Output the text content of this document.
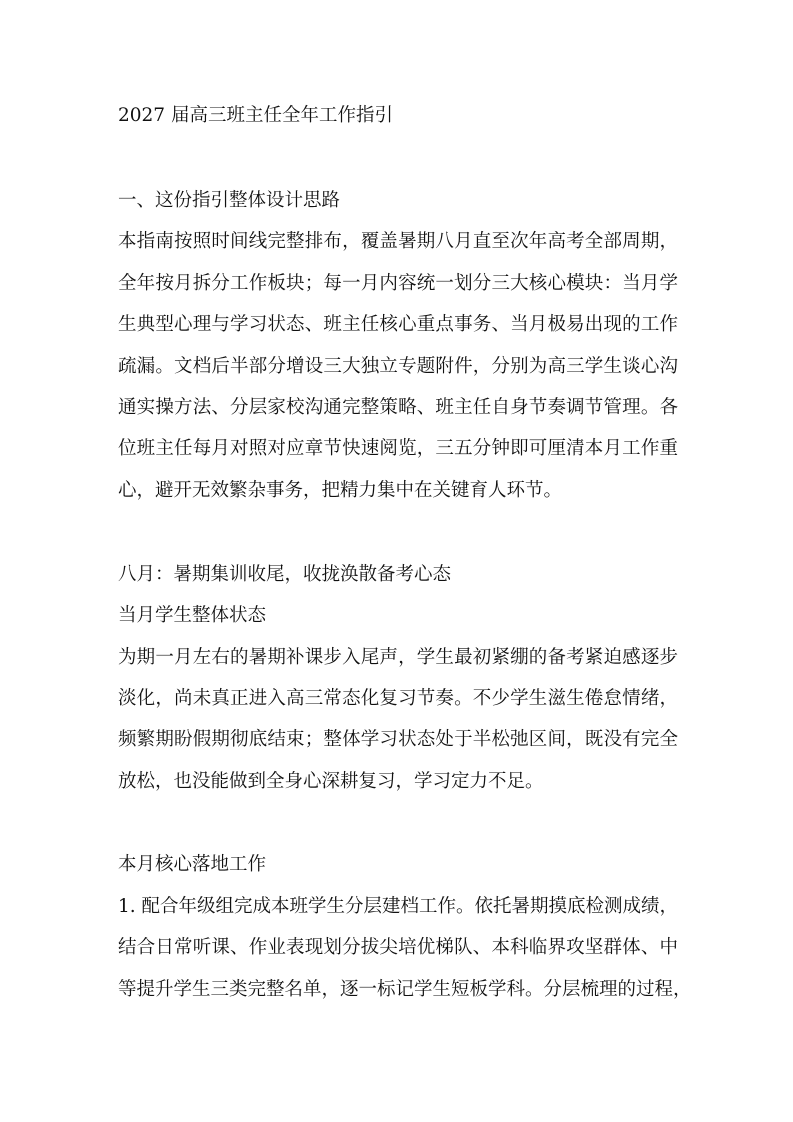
2027 届高三班主任全年工作指引
一、这份指引整体设计思路
本指南按照时间线完整排布，覆盖暑期八月直至次年高考全部周期，
全年按月拆分工作板块；每一月内容统一划分三大核心模块：当月学
生典型心理与学习状态、班主任核心重点事务、当月极易出现的工作
疏漏。文档后半部分增设三大独立专题附件，分别为高三学生谈心沟
通实操方法、分层家校沟通完整策略、班主任自身节奏调节管理。各
位班主任每月对照对应章节快速阅览，三五分钟即可厘清本月工作重
心，避开无效繁杂事务，把精力集中在关键育人环节。
八月：暑期集训收尾，收拢涣散备考心态
当月学生整体状态
为期一月左右的暑期补课步入尾声，学生最初紧绷的备考紧迫感逐步
淡化，尚未真正进入高三常态化复习节奏。不少学生滋生倦怠情绪，
频繁期盼假期彻底结束；整体学习状态处于半松弛区间，既没有完全
放松，也没能做到全身心深耕复习，学习定力不足。
本月核心落地工作
1. 配合年级组完成本班学生分层建档工作。依托暑期摸底检测成绩，
结合日常听课、作业表现划分拔尖培优梯队、本科临界攻坚群体、中
等提升学生三类完整名单，逐一标记学生短板学科。分层梳理的过程，
